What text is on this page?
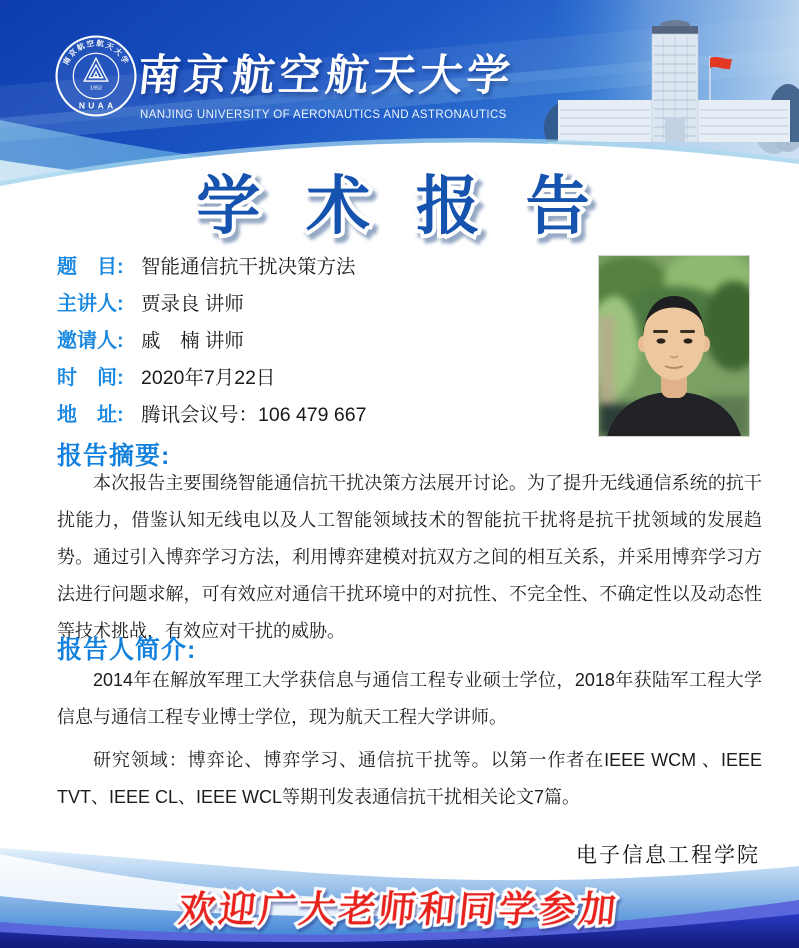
南京航空航天大学
1952
NUAA
南京航空航天大学
NANJING UNIVERSITY OF AERONAUTICS AND ASTRONAUTICS
学 术 报 告
题　目: 智能通信抗干扰决策方法
主讲人: 贾录良 讲师
邀请人: 戚　楠 讲师
时　间: 2020年7月22日
地　址: 腾讯会议号：106 479 667
报告摘要:

本次报告主要围绕智能通信抗干扰决策方法展开讨论。为了提升无线通信系统的抗干扰能力，借鉴认知无线电以及人工智能领域技术的智能抗干扰将是抗干扰领域的发展趋势。通过引入博弈学习方法，利用博弈建模对抗双方之间的相互关系，并采用博弈学习方法进行问题求解，可有效应对通信干扰环境中的对抗性、不完全性、不确定性以及动态性等技术挑战，有效应对干扰的威胁。

报告人简介:

2014年在解放军理工大学获信息与通信工程专业硕士学位，2018年获陆军工程大学信息与通信工程专业博士学位，现为航天工程大学讲师。

研究领域：博弈论、博弈学习、通信抗干扰等。以第一作者在IEEE WCM 、IEEE TVT、IEEE CL、IEEE WCL等期刊发表通信抗干扰相关论文7篇。

电子信息工程学院
欢迎广大老师和同学参加
